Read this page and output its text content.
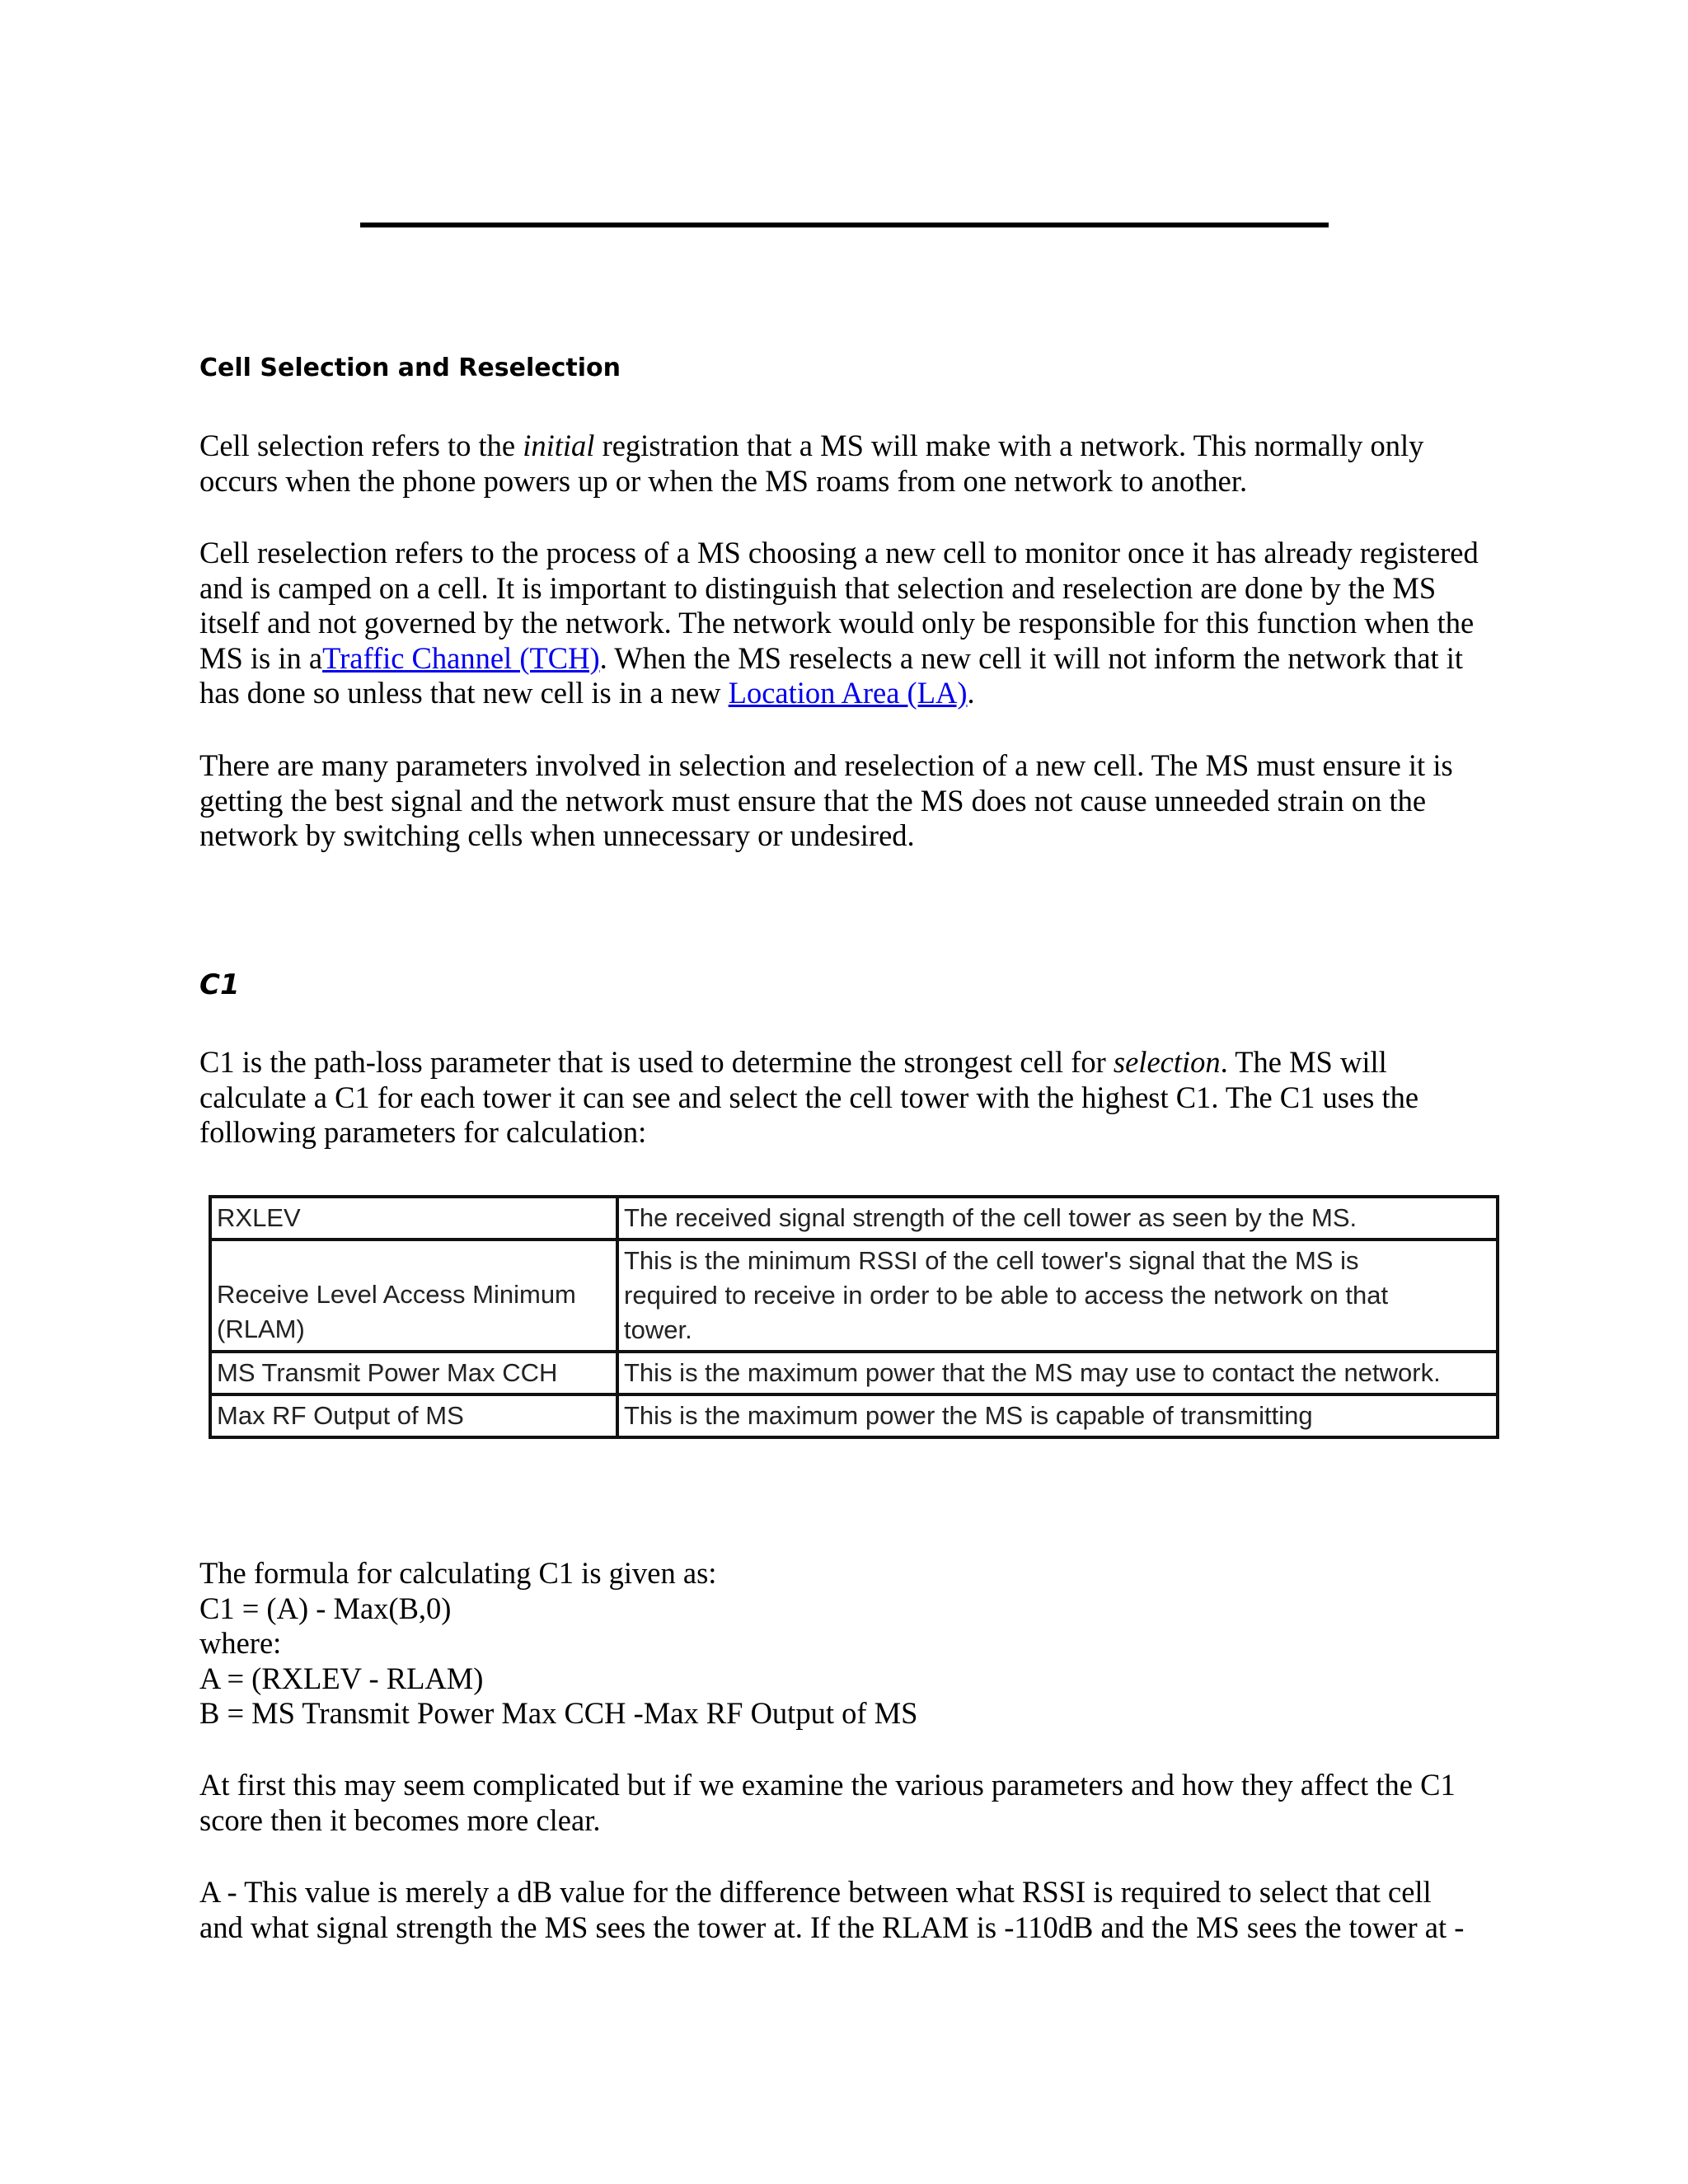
Cell Selection and Reselection

Cell selection refers to the initial registration that a MS will make with a network. This normally only
occurs when the phone powers up or when the MS roams from one network to another.

Cell reselection refers to the process of a MS choosing a new cell to monitor once it has already registered
and is camped on a cell. It is important to distinguish that selection and reselection are done by the MS
itself and not governed by the network. The network would only be responsible for this function when the
MS is in aTraffic Channel (TCH). When the MS reselects a new cell it will not inform the network that it
has done so unless that new cell is in a new Location Area (LA).

There are many parameters involved in selection and reselection of a new cell. The MS must ensure it is
getting the best signal and the network must ensure that the MS does not cause unneeded strain on the
network by switching cells when unnecessary or undesired.

C1

C1 is the path-loss parameter that is used to determine the strongest cell for selection. The MS will
calculate a C1 for each tower it can see and select the cell tower with the highest C1. The C1 uses the
following parameters for calculation:

RXLEV	The received signal strength of the cell tower as seen by the MS.

Receive Level Access Minimum
(RLAM)	This is the minimum RSSI of the cell tower's signal that the MS is
required to receive in order to be able to access the network on that
tower.

MS Transmit Power Max CCH	This is the maximum power that the MS may use to contact the network.
Max RF Output of MS	This is the maximum power the MS is capable of transmitting

The formula for calculating C1 is given as:
C1 = (A) - Max(B,0)
where:
A = (RXLEV - RLAM)
B = MS Transmit Power Max CCH -Max RF Output of MS

At first this may seem complicated but if we examine the various parameters and how they affect the C1
score then it becomes more clear.

A - This value is merely a dB value for the difference between what RSSI is required to select that cell
and what signal strength the MS sees the tower at. If the RLAM is -110dB and the MS sees the tower at -
